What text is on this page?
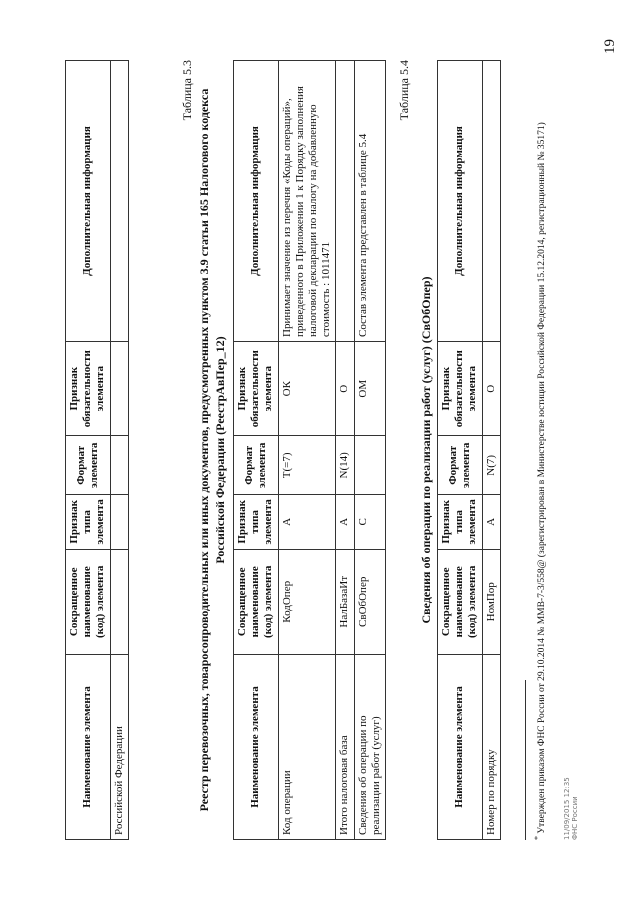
19
Наименование элемента	Сокращенное наименование (код) элемента	Признак типа элемента	Формат элемента	Признак обязательности элемента	Дополнительная информация
Российской Федерации					
Таблица 5.3 Реестр перевозочных, товаросопроводительных или иных документов, предусмотренных пунктом 3.9 статьи 165 Налогового кодекса Российской Федерации (РеестрАвПер_12)
Наименование элемента	Сокращенное наименование (код) элемента	Признак типа элемента	Формат элемента	Признак обязательности элемента	Дополнительная информация
Код операции	КодОпер	А	Т(=7)	ОК	Принимает значение из перечня «Коды операций», приведенного в Приложении 1 к Порядку заполнения налоговой декларации по налогу на добавленную стоимость : 1011471
Итого налоговая база	НалБазаИт	А	N(14)	О	
Сведения об операции по реализации работ (услуг)	СвОбОпер	С		ОМ	Состав элемента представлен в таблице 5.4
Таблица 5.4
Сведения об операции по реализации работ (услуг) (СвОбОпер)
Наименование элемента	Сокращенное наименование (код) элемента	Признак типа элемента	Формат элемента	Признак обязательности элемента	Дополнительная информация
Номер по порядку	НомПор	А	N(7)	О	
* Утвержден приказом ФНС России от 29.10.2014 № ММВ-7-3/558@ (зарегистрирован в Министерстве юстиции Российской Федерации 15.12.2014, регистрационный № 35171) 11/09/2015 12:35 ФНС России
